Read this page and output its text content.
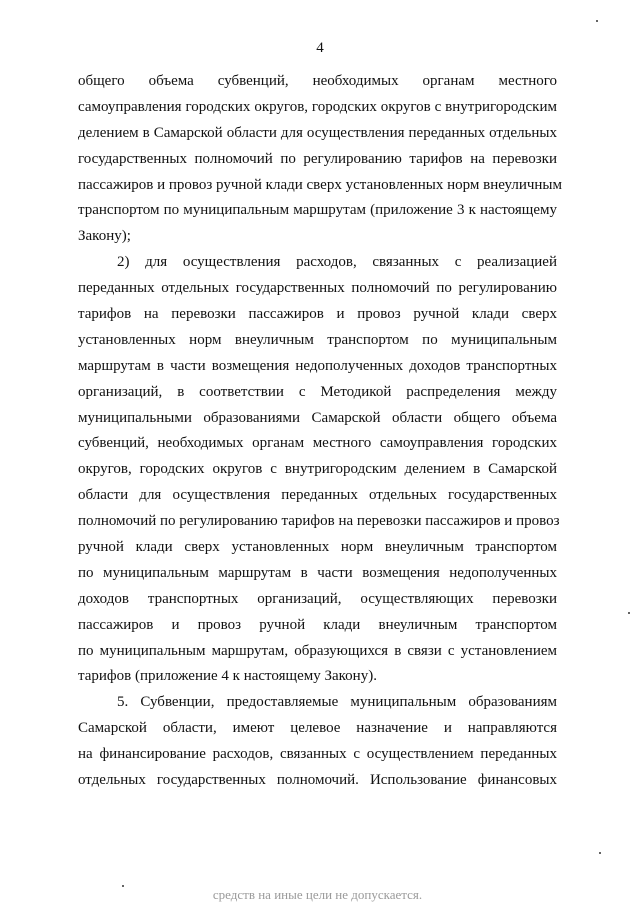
4
общего объема субвенций, необходимых органам местного
самоуправления городских округов, городских округов с внутригородским
делением в Самарской области для осуществления переданных отдельных
государственных полномочий по регулированию тарифов на перевозки
пассажиров и провоз ручной клади сверх установленных норм внеуличным
транспортом по муниципальным маршрутам (приложение 3 к настоящему
Закону);
2) для осуществления расходов, связанных с реализацией
переданных отдельных государственных полномочий по регулированию
тарифов на перевозки пассажиров и провоз ручной клади сверх
установленных норм внеуличным транспортом по муниципальным
маршрутам в части возмещения недополученных доходов транспортных
организаций, в соответствии с Методикой распределения между
муниципальными образованиями Самарской области общего объема
субвенций, необходимых органам местного самоуправления городских
округов, городских округов с внутригородским делением в Самарской
области для осуществления переданных отдельных государственных
полномочий по регулированию тарифов на перевозки пассажиров и провоз
ручной клади сверх установленных норм внеуличным транспортом
по муниципальным маршрутам в части возмещения недополученных
доходов транспортных организаций, осуществляющих перевозки
пассажиров и провоз ручной клади внеуличным транспортом
по муниципальным маршрутам, образующихся в связи с установлением
тарифов (приложение 4 к настоящему Закону).
5. Субвенции, предоставляемые муниципальным образованиям
Самарской области, имеют целевое назначение и направляются
на финансирование расходов, связанных с осуществлением переданных
отдельных государственных полномочий. Использование финансовых
средств на иные цели не допускается.
